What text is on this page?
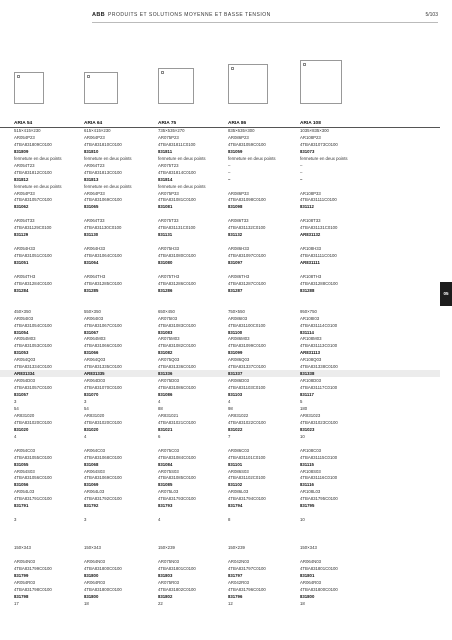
ABB PRODUITS ET SOLUTIONS MOYENNE ET BASSE TENSION	5/103
ARIA 54	ARIA 64	ARIA 75	ARIA 86	ARIA 108
515×415×230	615×415×230	735×535×270	835×635×300	1035×835×300
AR054P23	AR064P23	AR075P23	AR086P23	AR108P23
4TBA831809C0100	4TBA831810C0100	4TBA831811C0100	4TBA831059C0100	4TBA831073C0100
831809	831810	831811	831059	831073
fermeture en deux points	fermeture en deux points	fermeture en deux points	fermeture en deux points	fermeture en deux points
AR054T23	AR064T23	AR075T23	–	–
4TBA831812C0100	4TBA831813C0100	4TBA831814C0100	–	–
831812	831813	831814	–	–
fermeture en deux points	fermeture en deux points	fermeture en deux points
AR054P33	AR064P33	AR075P33	AR086P33	AR108P33
4TBA831057C0100	4TBA831069C0100	4TBA831081C0100	4TBA831098C0100	4TBA831111C0100
831062	831065	831081	831098	831112
AR054T33	AR064T33	AR075T33	AR086T33	AR108T33
4TBA831129C0100	4TBA831130C0100	4TBA831131C0100	4TBA831132C0100	4TBA831131C0100
831129	831130	831131	831132	AR831132
AR054H33	AR064H33	AR075H33	AR086H33	AR108H33
4TBA831051C0100	4TBA831064C0100	4TBA831080C0100	4TBA831097C0100	4TBA831111C0100
831051	831064	831080	831097	AR831111
AR054TH3	AR064TH3	AR075TH3	AR086TH3	AR108TH3
4TBA831284C0100	4TBA831285C0100	4TBA831286C0100	4TBA831287C0100	4TBA831288C0100
831284	831285	831286	831287	831288
450×350	550×350	650×450	750×550	950×750
AR054I03	AR064I03	AR075I03	AR086I03	AR108I03
4TBA831054C0100	4TBA831067C0100	4TBA831083C0100	4TBA831100C0100	4TBA831114C0100
831054	831067	831083	831100	831114
AR054M03	AR064M03	AR075M03	AR086M03	AR108M03
4TBA831053C0100	4TBA831066C0100	4TBA831082C0100	4TBA831099C0100	4TBA831113C0100
831053	831066	831082	831099	AR831113
AR054Q03	AR064Q03	AR075Q03	AR086Q03	AR108Q03
4TBA831334C0100	4TBA831335C0100	4TBA831336C0100	4TBA831337C0100	4TBA831338C0100
AR831334	AR831335	831336	831337	831338
AR054D03	AR064D03	AR075D03	AR086D03	AR108D03
4TBA831057C0100	4TBA831070C0100	4TBA831086C0100	4TBA831103C0100	4TBA831117C0100
831057	831070	831086	831103	831117
3	3	4	4	5
54	54	88	98	180
AR831020	AR831020	AR831021	AR831022	AR831023
4TBA831020C0100	4TBA831020C0100	4TBA831021C0100	4TBA831022C0100	4TBA831023C0100
831020	831020	831021	831022	831023
4	4	6	7	10
AR054C03	AR064C03	AR075C03	AR086C03	AR108C03
4TBA831055C0100	4TBA831068C0100	4TBA831084C0100	4TBA831101C0100	4TBA831115C0100
831055	831068	831084	831101	831115
AR054S03	AR064S03	AR075S03	AR086S03	AR108S03
4TBA831056C0100	4TBA831069C0100	4TBA831085C0100	4TBA831102C0100	4TBA831116C0100
831056	831069	831085	831102	831116
AR054L03	AR064L03	AR075L03	AR086L03	AR108L03
4TBA831791C0100	4TBA831792C0100	4TBA831793C0100	4TBA831794C0100	4TBA831795C0100
831791	831792	831793	831794	831795
3	3	4	8	10
150×343	150×343	150×239	150×239	150×343
AR054N03	AR064N03	AR075N03	AR042N03	AR064N03
4TBA831799C0100	4TBA831800C0100	4TBA831801C0100	4TBA831797C0100	4TBA831801C0100
831799	831800	831803	831797	831801
AR054R03	AR064R03	AR075R03	AR042R03	AR064R03
4TBA831798C0100	4TBA831800C0100	4TBA831802C0100	4TBA831796C0100	4TBA831800C0100
831798	831800	831802	831796	831800
17	18	22	12	18
05
